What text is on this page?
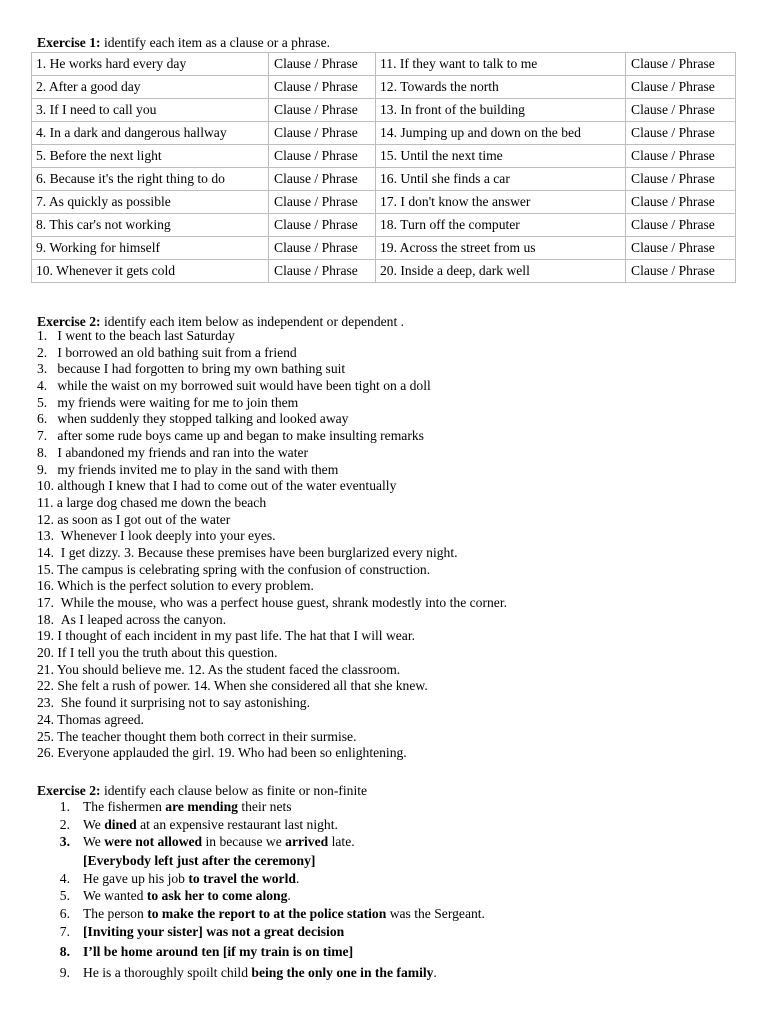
Exercise 1: identify each item as a clause or a phrase.
1. He works hard every day	Clause / Phrase	11. If they want to talk to me	Clause / Phrase
2. After a good day	Clause / Phrase	12. Towards the north	Clause / Phrase
3. If I need to call you	Clause / Phrase	13. In front of the building	Clause / Phrase
4. In a dark and dangerous hallway	Clause / Phrase	14. Jumping up and down on the bed	Clause / Phrase
5. Before the next light	Clause / Phrase	15. Until the next time	Clause / Phrase
6. Because it's the right thing to do	Clause / Phrase	16. Until she finds a car	Clause / Phrase
7. As quickly as possible	Clause / Phrase	17. I don't know the answer	Clause / Phrase
8. This car's not working	Clause / Phrase	18. Turn off the computer	Clause / Phrase
9. Working for himself	Clause / Phrase	19. Across the street from us	Clause / Phrase
10. Whenever it gets cold	Clause / Phrase	20. Inside a deep, dark well	Clause / Phrase
Exercise 2: identify each item below as independent or dependent .
1.   I went to the beach last Saturday
2.   I borrowed an old bathing suit from a friend
3.   because I had forgotten to bring my own bathing suit
4.   while the waist on my borrowed suit would have been tight on a doll
5.   my friends were waiting for me to join them
6.   when suddenly they stopped talking and looked away
7.   after some rude boys came up and began to make insulting remarks
8.   I abandoned my friends and ran into the water
9.   my friends invited me to play in the sand with them
10. although I knew that I had to come out of the water eventually
11. a large dog chased me down the beach
12. as soon as I got out of the water
13.  Whenever I look deeply into your eyes.
14.  I get dizzy. 3. Because these premises have been burglarized every night.
15. The campus is celebrating spring with the confusion of construction.
16. Which is the perfect solution to every problem.
17.  While the mouse, who was a perfect house guest, shrank modestly into the corner.
18.  As I leaped across the canyon.
19. I thought of each incident in my past life. The hat that I will wear.
20. If I tell you the truth about this question.
21. You should believe me. 12. As the student faced the classroom.
22. She felt a rush of power. 14. When she considered all that she knew.
23.  She found it surprising not to say astonishing.
24. Thomas agreed.
25. The teacher thought them both correct in their surmise.
26. Everyone applauded the girl. 19. Who had been so enlightening.
Exercise 2: identify each clause below as finite or non-finite
1. The fishermen are mending their nets
2. We dined at an expensive restaurant last night.
3. We were not allowed in because we arrived late.
[Everybody left just after the ceremony]
4. He gave up his job to travel the world.
5. We wanted to ask her to come along.
6. The person to make the report to at the police station was the Sergeant.
7. [Inviting your sister] was not a great decision
8. I’ll be home around ten [if my train is on time]
9. He is a thoroughly spoilt child being the only one in the family.
